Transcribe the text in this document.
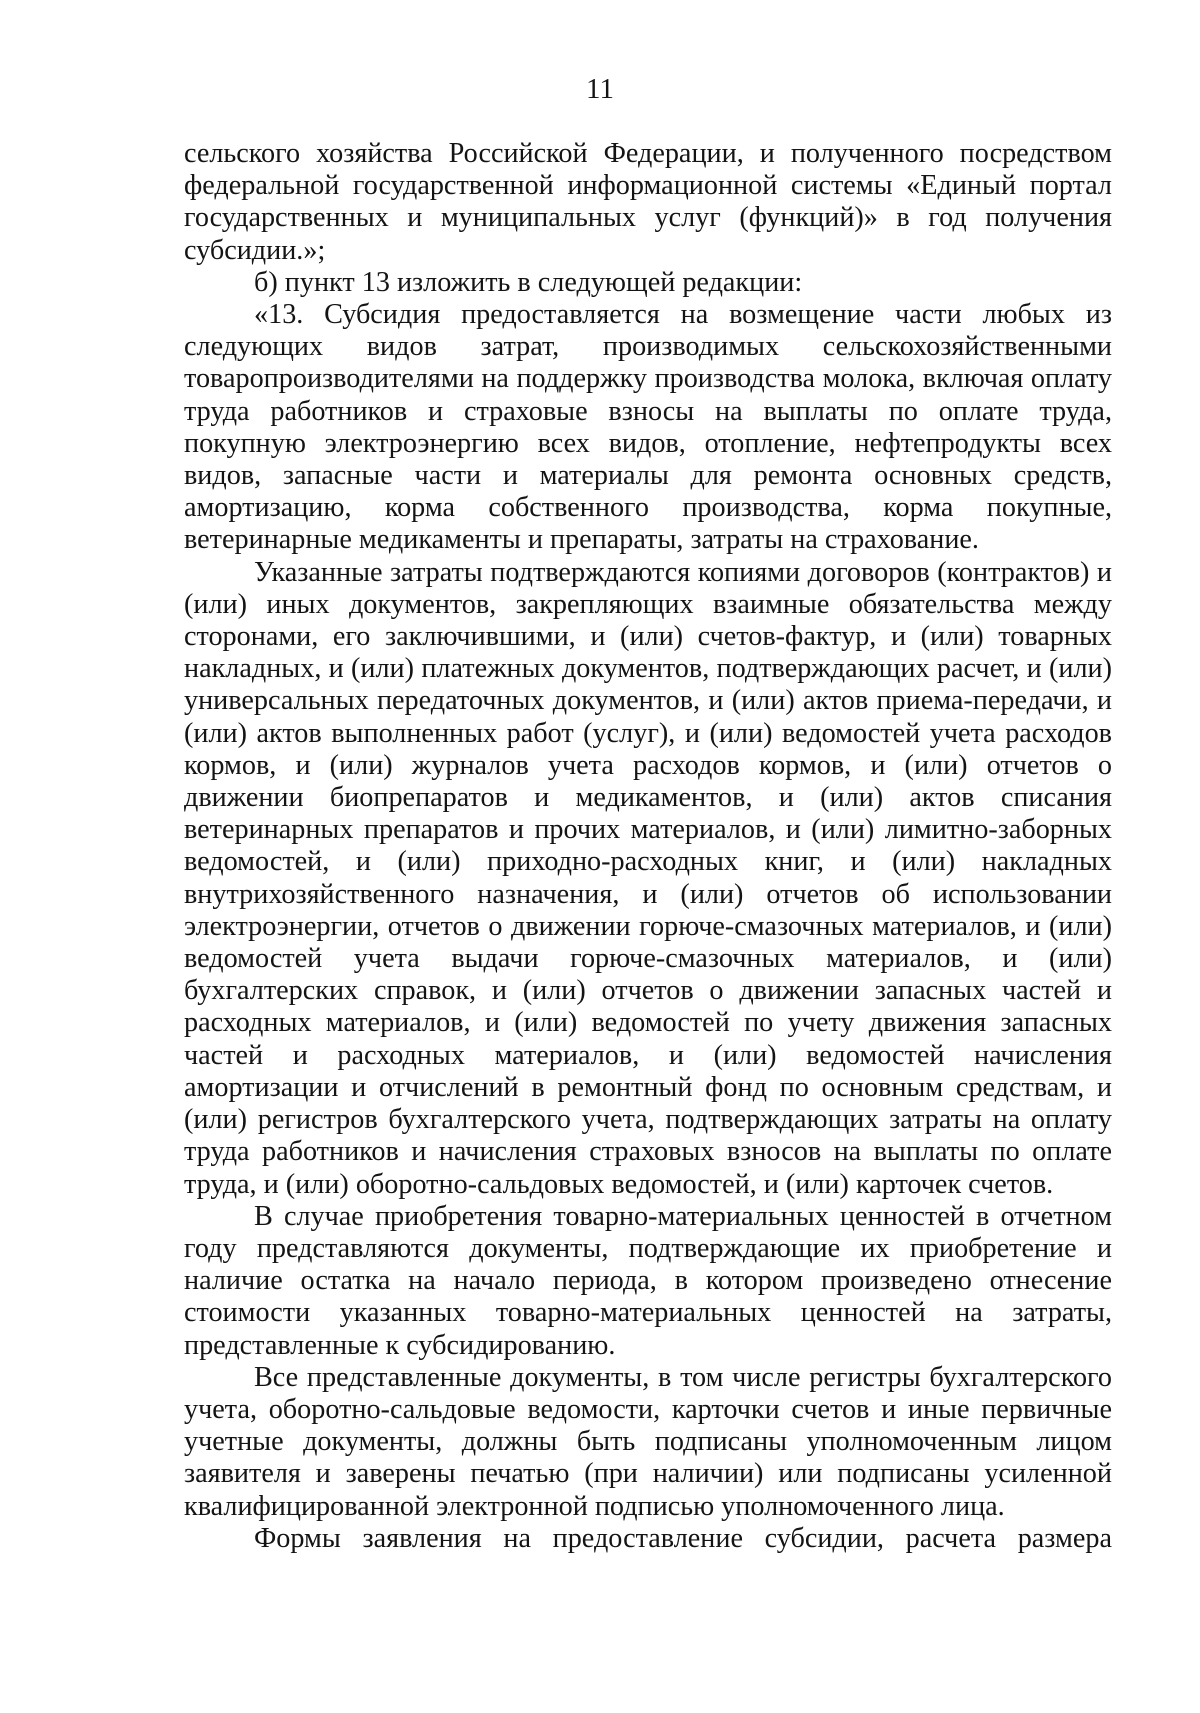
11

сельского хозяйства Российской Федерации, и полученного посредством федеральной государственной информационной системы «Единый портал государственных и муниципальных услуг (функций)» в год получения субсидии.»;

б) пункт 13 изложить в следующей редакции:

«13. Субсидия предоставляется на возмещение части любых из следующих видов затрат, производимых сельскохозяйственными товаропроизводителями на поддержку производства молока, включая оплату труда работников и страховые взносы на выплаты по оплате труда, покупную электроэнергию всех видов, отопление, нефтепродукты всех видов, запасные части и материалы для ремонта основных средств, амортизацию, корма собственного производства, корма покупные, ветеринарные медикаменты и препараты, затраты на страхование.

Указанные затраты подтверждаются копиями договоров (контрактов) и (или) иных документов, закрепляющих взаимные обязательства между сторонами, его заключившими, и (или) счетов-фактур, и (или) товарных накладных, и (или) платежных документов, подтверждающих расчет, и (или) универсальных передаточных документов, и (или) актов приема-передачи, и (или) актов выполненных работ (услуг), и (или) ведомостей учета расходов кормов, и (или) журналов учета расходов кормов, и (или) отчетов о движении биопрепаратов и медикаментов, и (или) актов списания ветеринарных препаратов и прочих материалов, и (или) лимитно-заборных ведомостей, и (или) приходно-расходных книг, и (или) накладных внутрихозяйственного назначения, и (или) отчетов об использовании электроэнергии, отчетов о движении горюче-смазочных материалов, и (или) ведомостей учета выдачи горюче-смазочных материалов, и (или) бухгалтерских справок, и (или) отчетов о движении запасных частей и расходных материалов, и (или) ведомостей по учету движения запасных частей и расходных материалов, и (или) ведомостей начисления амортизации и отчислений в ремонтный фонд по основным средствам, и (или) регистров бухгалтерского учета, подтверждающих затраты на оплату труда работников и начисления страховых взносов на выплаты по оплате труда, и (или) оборотно-сальдовых ведомостей, и (или) карточек счетов.

В случае приобретения товарно-материальных ценностей в отчетном году представляются документы, подтверждающие их приобретение и наличие остатка на начало периода, в котором произведено отнесение стоимости указанных товарно-материальных ценностей на затраты, представленные к субсидированию.

Все представленные документы, в том числе регистры бухгалтерского учета, оборотно-сальдовые ведомости, карточки счетов и иные первичные учетные документы, должны быть подписаны уполномоченным лицом заявителя и заверены печатью (при наличии) или подписаны усиленной квалифицированной электронной подписью уполномоченного лица.

Формы заявления на предоставление субсидии, расчета размера
